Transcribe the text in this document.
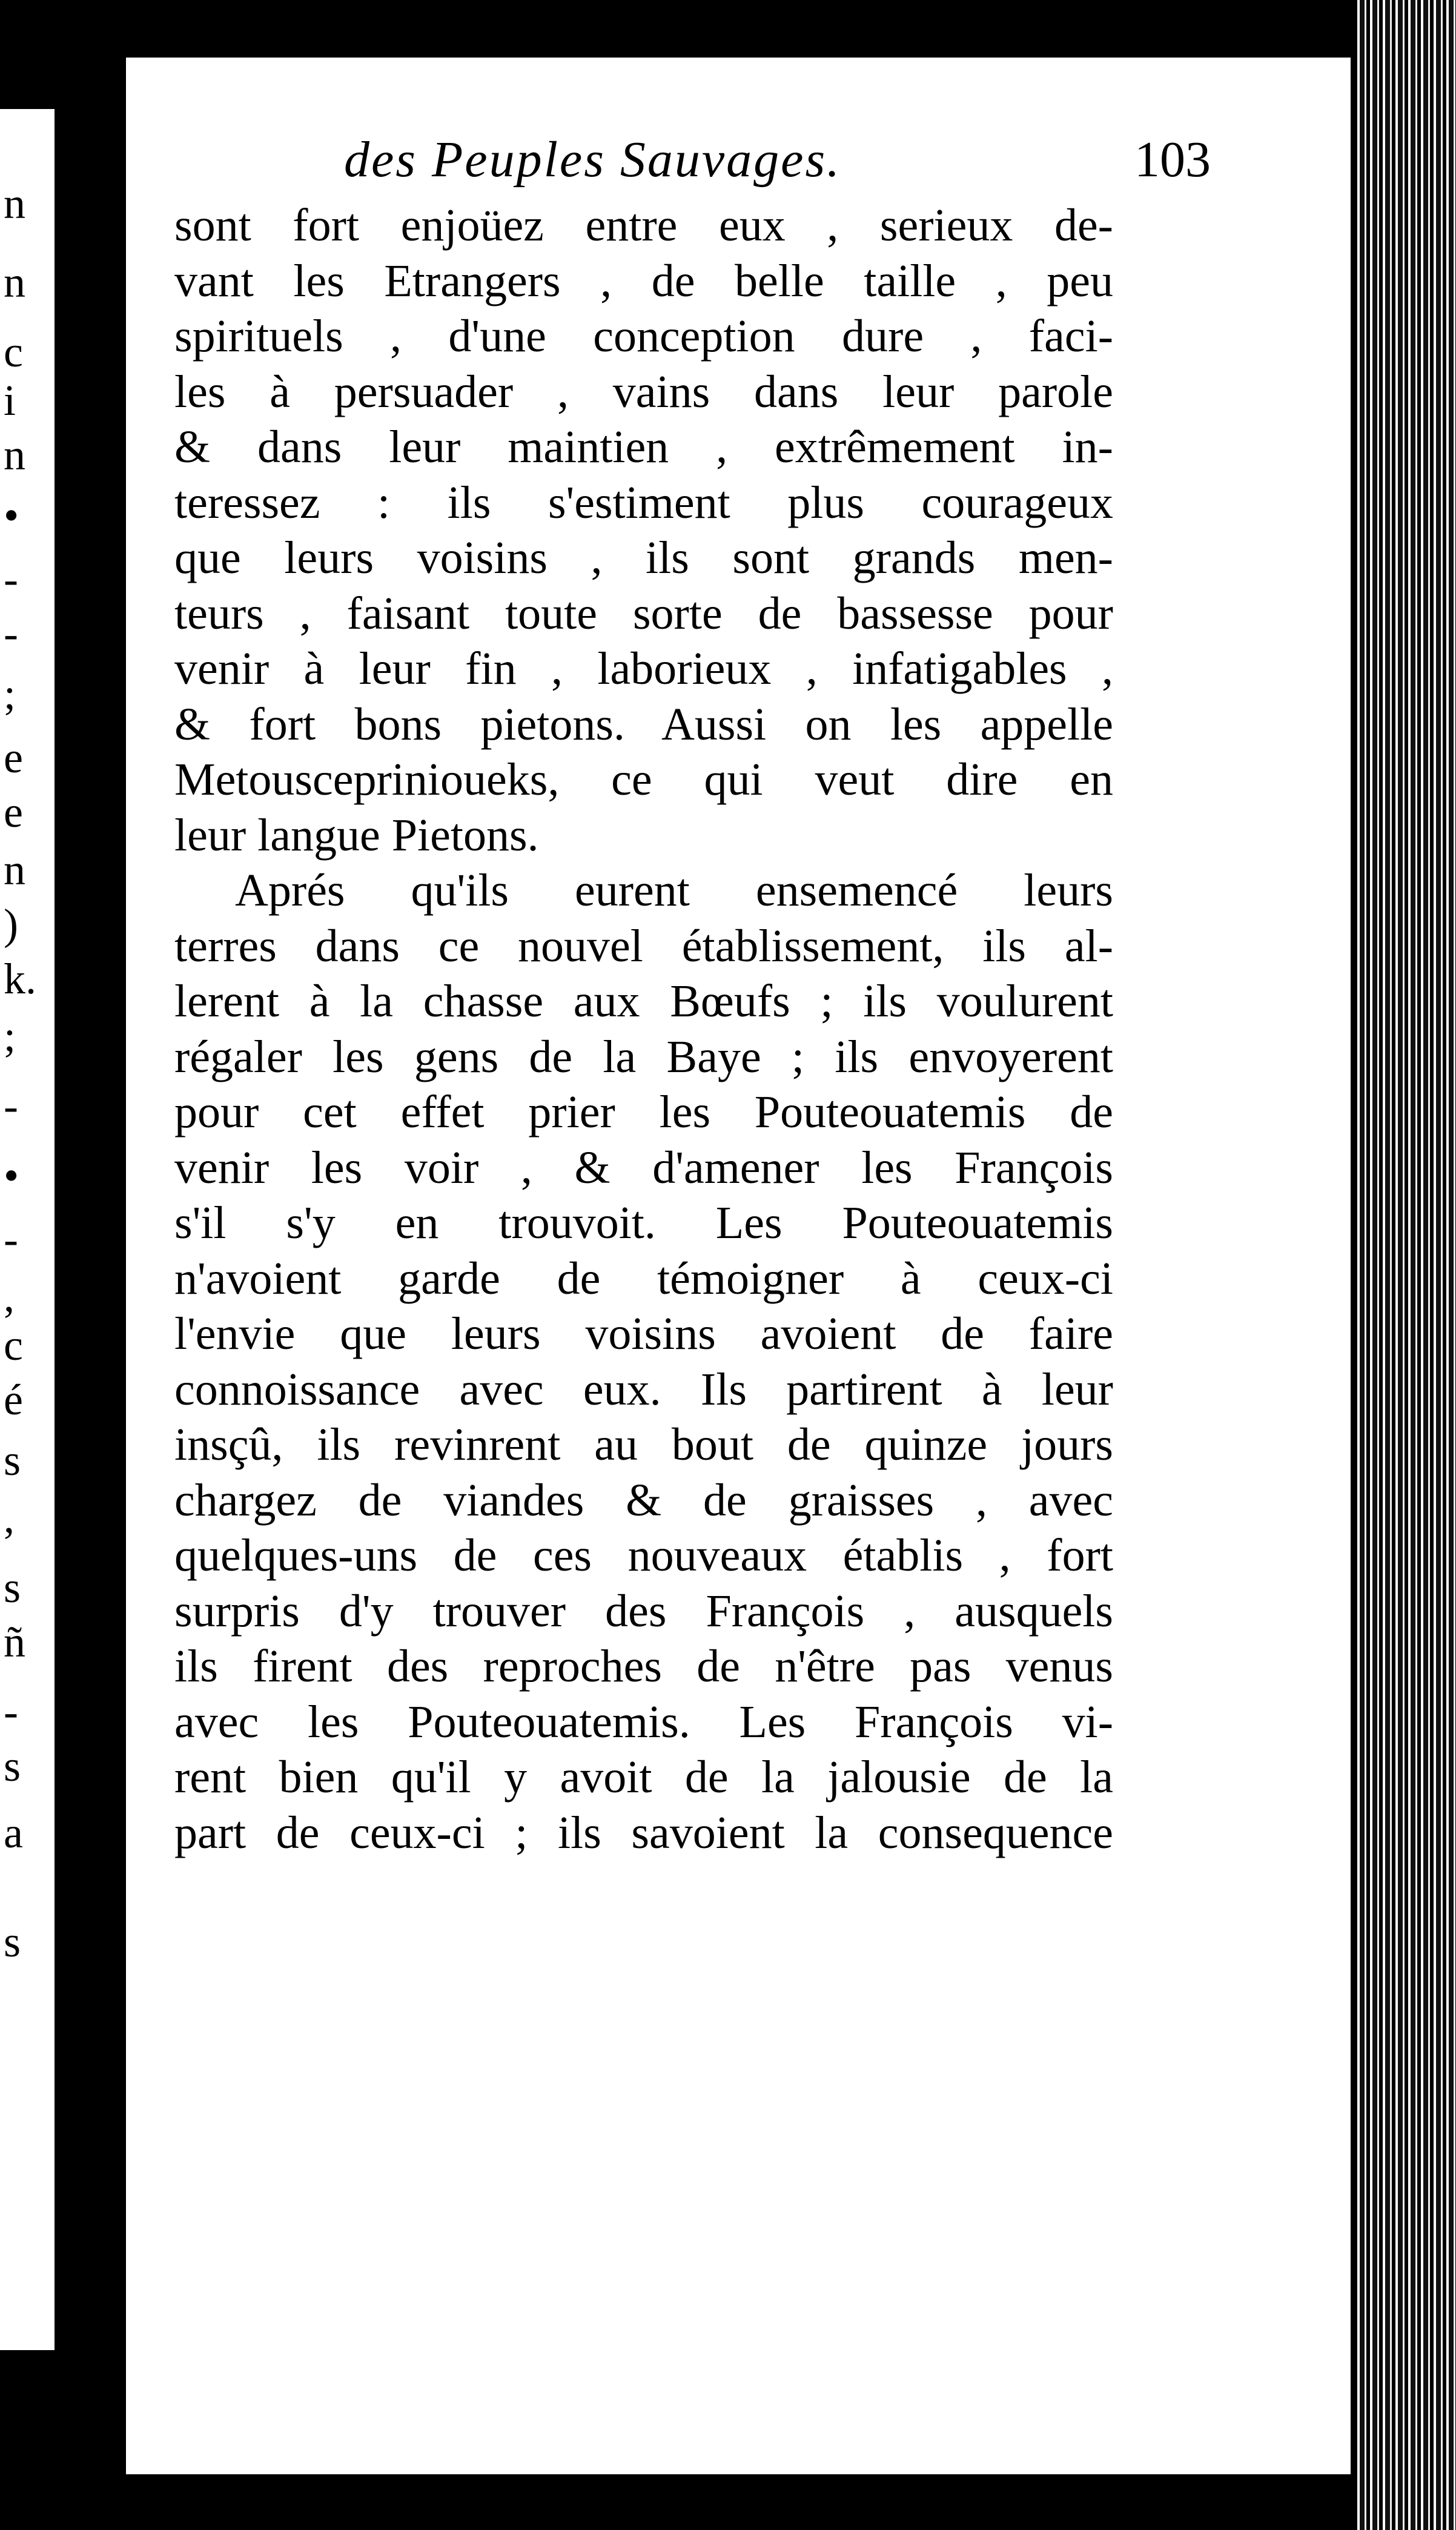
n
n
c
i
n
•
-
-
;
e
e
n
)
k.
;
-
•
-
,
c
é
s
,
s
ñ
-
s
a
s
des Peuples Sauvages.	103
sont fort enjoüez entre eux , serieux de-
vant les Etrangers , de belle taille , peu
spirituels , d'une conception dure , faci-
les à persuader , vains dans leur parole
& dans leur maintien , extrêmement in-
teressez : ils s'estiment plus courageux
que leurs voisins , ils sont grands men-
teurs , faisant toute sorte de bassesse pour
venir à leur fin , laborieux , infatigables ,
& fort bons pietons. Aussi on les appelle
Metousceprinioueks, ce qui veut dire en
leur langue Pietons.
Aprés qu'ils eurent ensemencé leurs
terres dans ce nouvel établissement, ils al-
lerent à la chasse aux Bœufs ; ils voulurent
régaler les gens de la Baye ; ils envoyerent
pour cet effet prier les Pouteouatemis de
venir les voir , & d'amener les François
s'il s'y en trouvoit. Les Pouteouatemis
n'avoient garde de témoigner à ceux-ci
l'envie que leurs voisins avoient de faire
connoissance avec eux. Ils partirent à leur
insçû, ils revinrent au bout de quinze jours
chargez de viandes & de graisses , avec
quelques-uns de ces nouveaux établis , fort
surpris d'y trouver des François , ausquels
ils firent des reproches de n'être pas venus
avec les Pouteouatemis. Les François vi-
rent bien qu'il y avoit de la jalousie de la
part de ceux-ci ; ils savoient la consequence
